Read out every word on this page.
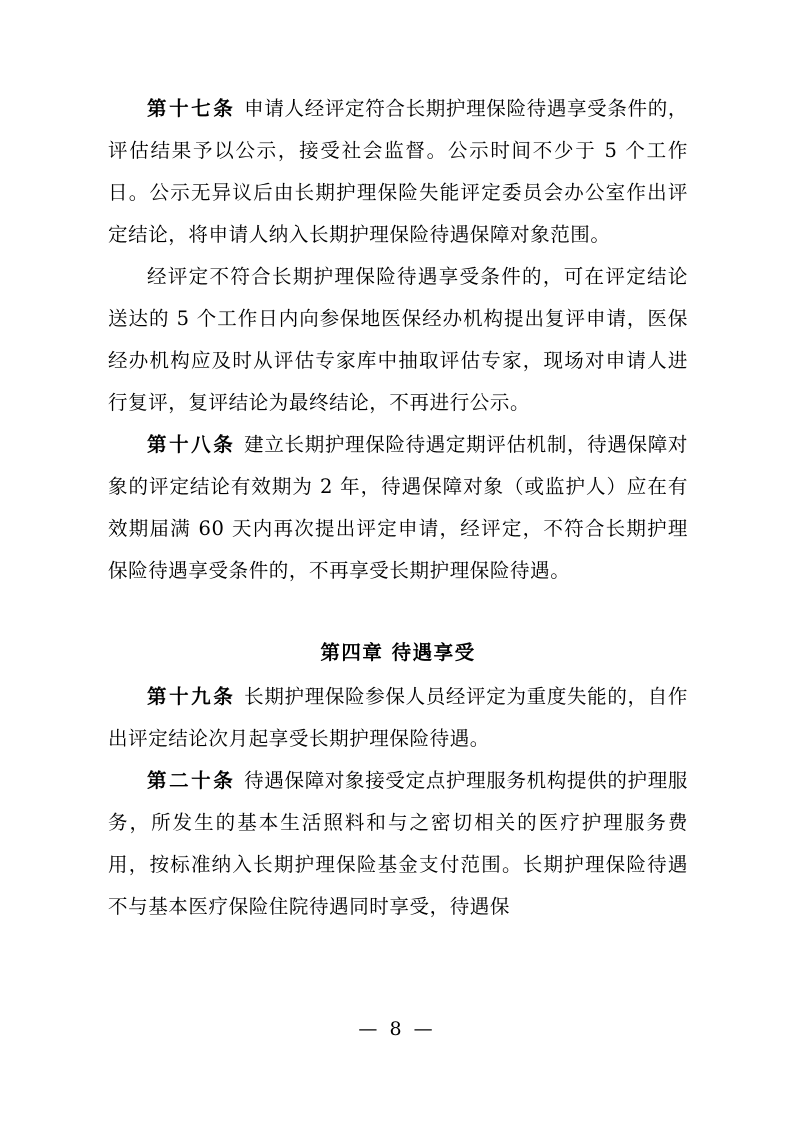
第十七条 申请人经评定符合长期护理保险待遇享受条件的，评估结果予以公示，接受社会监督。公示时间不少于 5 个工作日。公示无异议后由长期护理保险失能评定委员会办公室作出评定结论，将申请人纳入长期护理保险待遇保障对象范围。

经评定不符合长期护理保险待遇享受条件的，可在评定结论送达的 5 个工作日内向参保地医保经办机构提出复评申请，医保经办机构应及时从评估专家库中抽取评估专家，现场对申请人进行复评，复评结论为最终结论，不再进行公示。

第十八条 建立长期护理保险待遇定期评估机制，待遇保障对象的评定结论有效期为 2 年，待遇保障对象（或监护人）应在有效期届满 60 天内再次提出评定申请，经评定，不符合长期护理保险待遇享受条件的，不再享受长期护理保险待遇。

第四章 待遇享受

第十九条 长期护理保险参保人员经评定为重度失能的，自作出评定结论次月起享受长期护理保险待遇。

第二十条 待遇保障对象接受定点护理服务机构提供的护理服务，所发生的基本生活照料和与之密切相关的医疗护理服务费用，按标准纳入长期护理保险基金支付范围。长期护理保险待遇不与基本医疗保险住院待遇同时享受，待遇保

— 8 —
